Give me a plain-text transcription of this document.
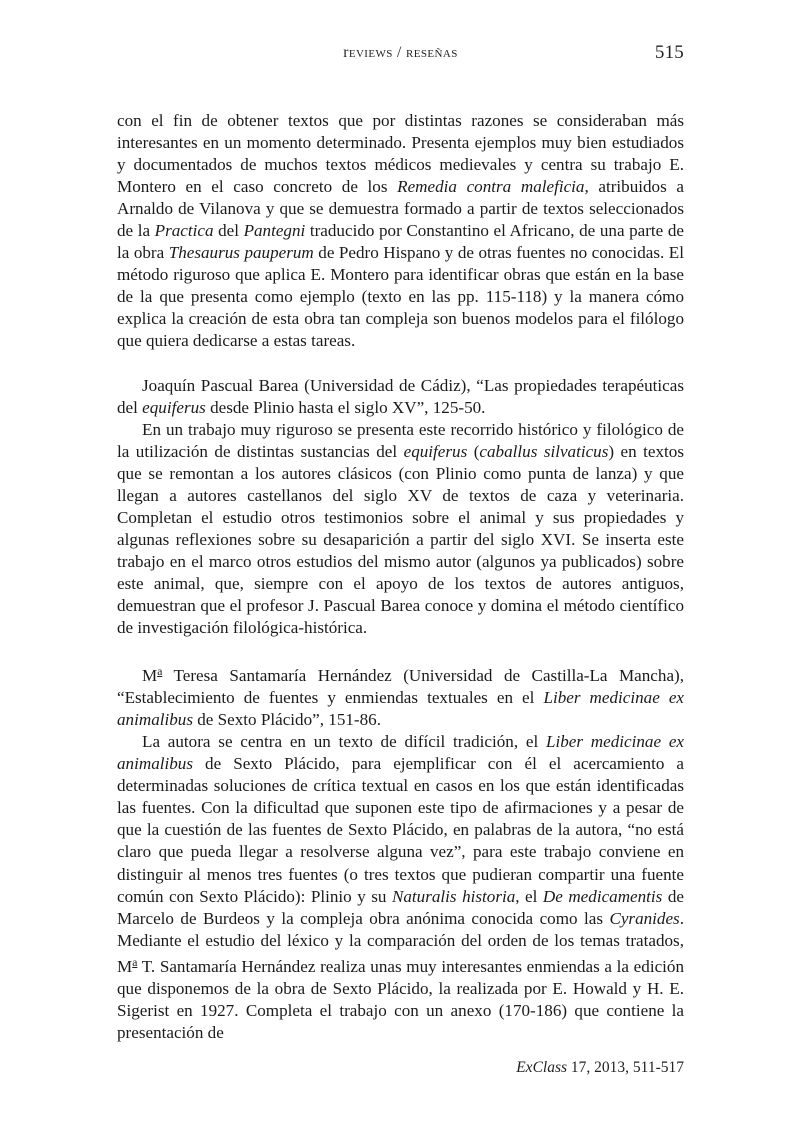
reviews / reseñas	515

con el fin de obtener textos que por distintas razones se consideraban más interesantes en un momento determinado. Presenta ejemplos muy bien estudiados y documentados de muchos textos médicos medievales y centra su trabajo E. Montero en el caso concreto de los Remedia contra maleficia, atribuidos a Arnaldo de Vilanova y que se demuestra formado a partir de textos seleccionados de la Practica del Pantegni traducido por Constantino el Africano, de una parte de la obra Thesaurus pauperum de Pedro Hispano y de otras fuentes no conocidas. El método riguroso que aplica E. Montero para identificar obras que están en la base de la que presenta como ejemplo (texto en las pp. 115-118) y la manera cómo explica la creación de esta obra tan compleja son buenos modelos para el filólogo que quiera dedicarse a estas tareas.

Joaquín Pascual Barea (Universidad de Cádiz), “Las propiedades terapéuticas del equiferus desde Plinio hasta el siglo XV”, 125-50.

En un trabajo muy riguroso se presenta este recorrido histórico y filológico de la utilización de distintas sustancias del equiferus (caballus silvaticus) en textos que se remontan a los autores clásicos (con Plinio como punta de lanza) y que llegan a autores castellanos del siglo XV de textos de caza y veterinaria. Completan el estudio otros testimonios sobre el animal y sus propiedades y algunas reflexiones sobre su desaparición a partir del siglo XVI. Se inserta este trabajo en el marco otros estudios del mismo autor (algunos ya publicados) sobre este animal, que, siempre con el apoyo de los textos de autores antiguos, demuestran que el profesor J. Pascual Barea conoce y domina el método científico de investigación filológica-histórica.

$M^a$ Teresa Santamaría Hernández (Universidad de Castilla-La Mancha), “Establecimiento de fuentes y enmiendas textuales en el Liber medicinae ex animalibus de Sexto Plácido”, 151-86.

La autora se centra en un texto de difícil tradición, el Liber medicinae ex animalibus de Sexto Plácido, para ejemplificar con él el acercamiento a determinadas soluciones de crítica textual en casos en los que están identificadas las fuentes. Con la dificultad que suponen este tipo de afirmaciones y a pesar de que la cuestión de las fuentes de Sexto Plácido, en palabras de la autora, “no está claro que pueda llegar a resolverse alguna vez”, para este trabajo conviene en distinguir al menos tres fuentes (o tres textos que pudieran compartir una fuente común con Sexto Plácido): Plinio y su Naturalis historia, el De medicamentis de Marcelo de Burdeos y la compleja obra anónima conocida como las Cyranides. Mediante el estudio del léxico y la comparación del orden de los temas tratados, $M^a$ T. Santamaría Hernández realiza unas muy interesantes enmiendas a la edición que disponemos de la obra de Sexto Plácido, la realizada por E. Howald y H. E. Sigerist en 1927. Completa el trabajo con un anexo (170-186) que contiene la presentación de

ExClass 17, 2013, 511-517
